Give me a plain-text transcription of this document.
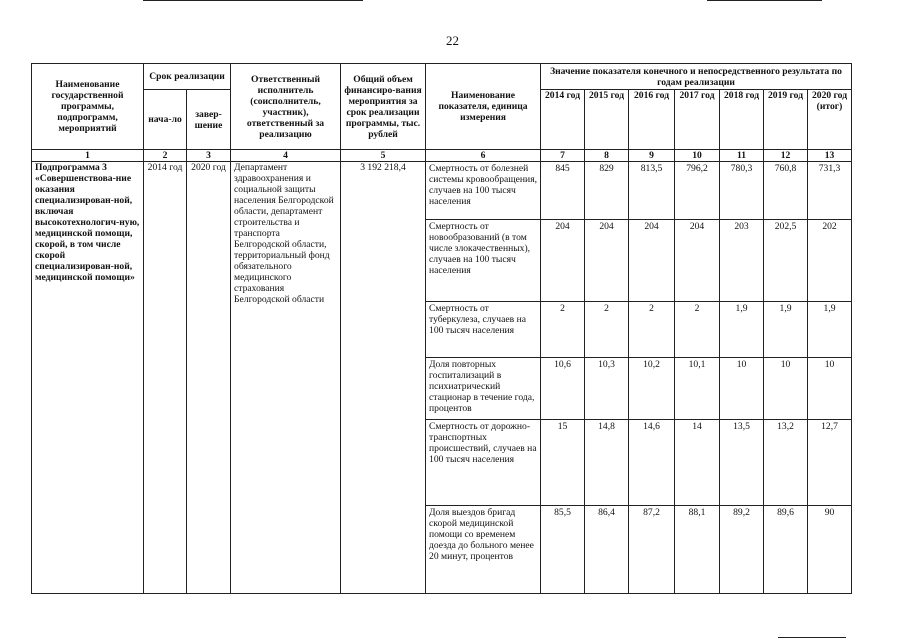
22
Наименование государственной программы, подпрограмм, мероприятий	Срок реализации		Ответственный исполнитель (соисполнитель, участник), ответственный за реализацию	Общий объем финансиро-вания мероприятия за срок реализации программы, тыс. рублей	Наименование показателя, единица измерения	Значение показателя конечного и непосредственного результата по годам реализации						
	нача-ло	завер-шение				2014 год	2015 год	2016 год	2017 год	2018 год	2019 год	2020 год (итог)
1	2	3	4	5	6	7	8	9	10	11	12	13
Подпрограмма 3 «Совершенствова-ние оказания специализирован-ной, включая высокотехнологич-ную, медицинской помощи, скорой, в том числе скорой специализирован-ной, медицинской помощи»	2014 год	2020 год	Департамент здравоохранения и социальной защиты населения Белгородской области, департамент строительства и транспорта Белгородской области, территориальный фонд обязательного медицинского страхования Белгородской области	3 192 218,4	Смертность от болезней системы кровообращения, случаев на 100 тысяч населения	845	829	813,5	796,2	780,3	760,8	731,3
					Смертность от новообразований (в том числе злокачественных), случаев на 100 тысяч населения	204	204	204	204	203	202,5	202
					Смертность от туберкулеза, случаев на 100 тысяч населения	2	2	2	2	1,9	1,9	1,9
					Доля повторных госпитализаций в психиатрический стационар в течение года, процентов	10,6	10,3	10,2	10,1	10	10	10
					Смертность от дорожно-транспортных происшествий, случаев на 100 тысяч населения	15	14,8	14,6	14	13,5	13,2	12,7
					Доля выездов бригад скорой медицинской помощи со временем доезда до больного менее 20 минут, процентов	85,5	86,4	87,2	88,1	89,2	89,6	90
